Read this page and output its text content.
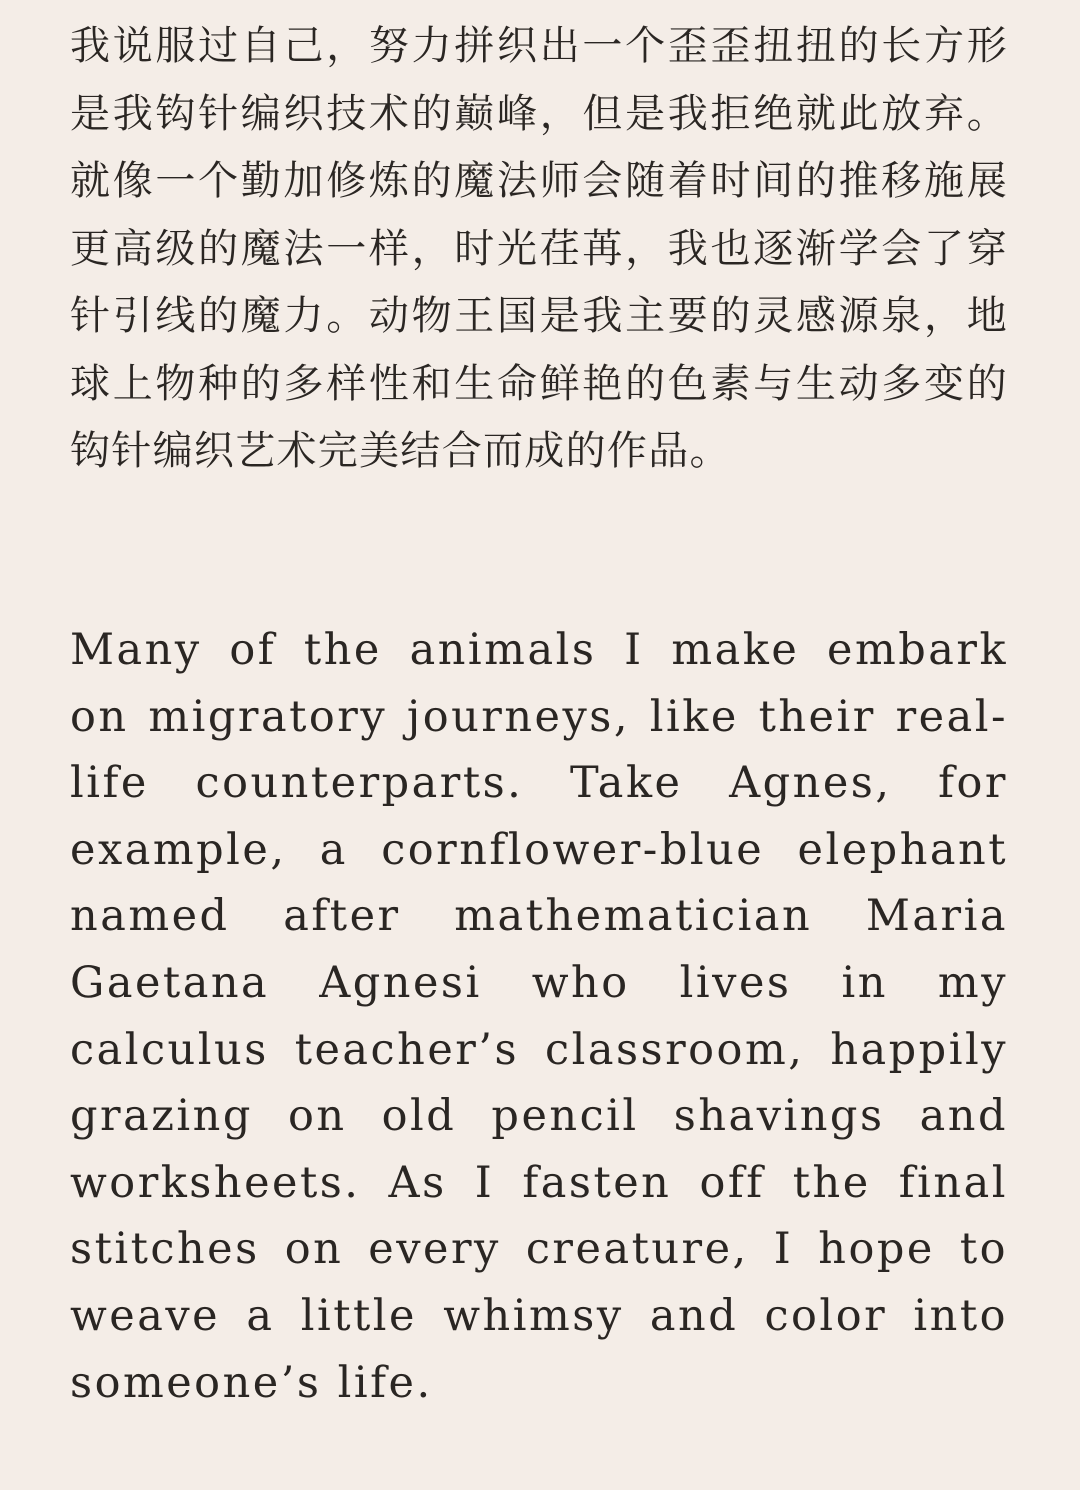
我说服过自己，努力拼织出一个歪歪扭扭的长方形是我钩针编织技术的巅峰，但是我拒绝就此放弃。就像一个勤加修炼的魔法师会随着时间的推移施展更高级的魔法一样，时光荏苒，我也逐渐学会了穿针引线的魔力。动物王国是我主要的灵感源泉，地球上物种的多样性和生命鲜艳的色素与生动多变的钩针编织艺术完美结合而成的作品。

Many of the animals I make embark on migratory journeys, like their real-life counterparts. Take Agnes, for example, a cornflower-blue elephant named after mathematician Maria Gaetana Agnesi who lives in my calculus teacher’s classroom, happily grazing on old pencil shavings and worksheets. As I fasten off the final stitches on every creature, I hope to weave a little whimsy and color into someone’s life.
